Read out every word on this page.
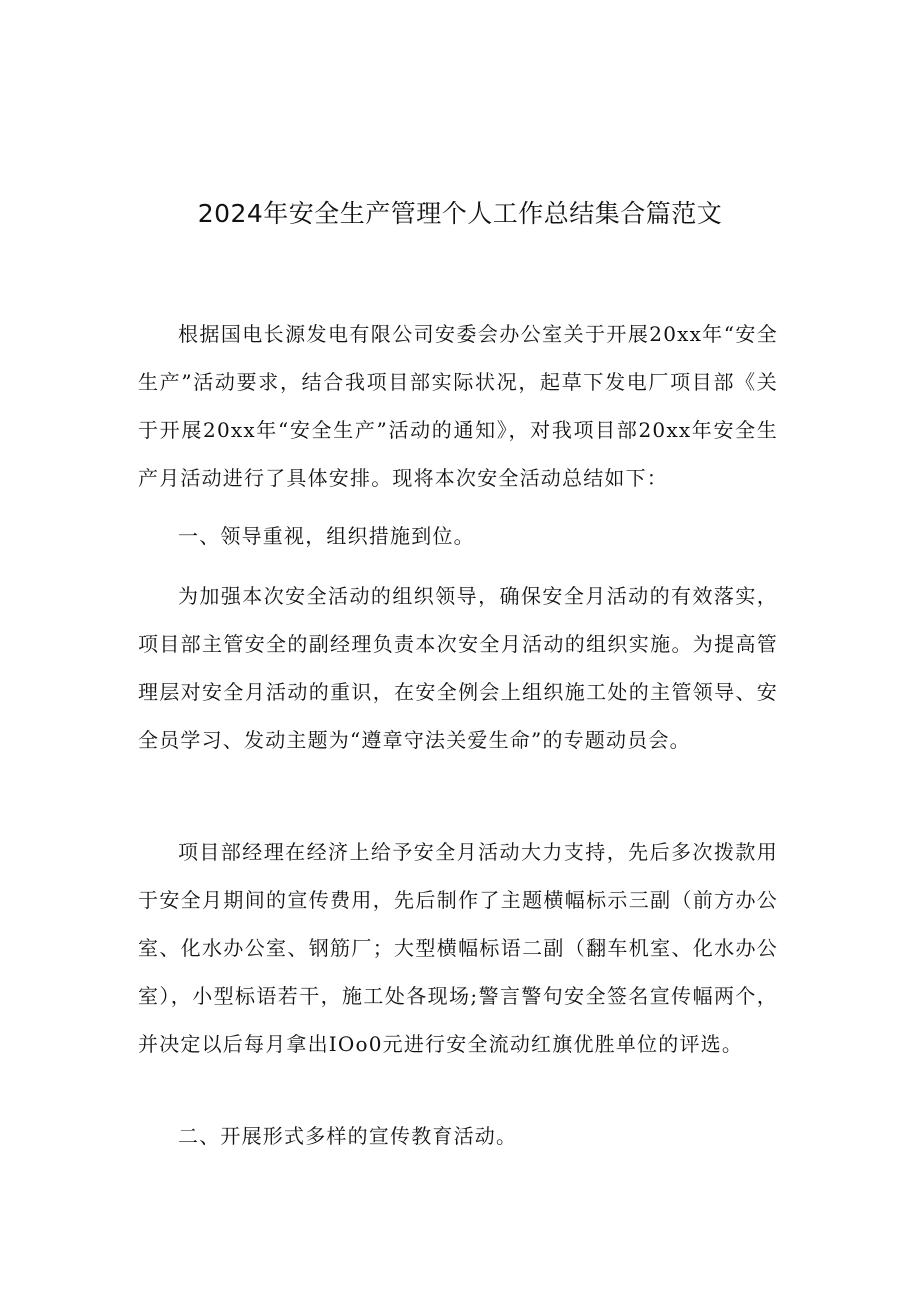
2024年安全生产管理个人工作总结集合篇范文

根据国电长源发电有限公司安委会办公室关于开展20xx年“安全生产”活动要求，结合我项目部实际状况，起草下发电厂项目部《关于开展20xx年“安全生产”活动的通知》，对我项目部20xx年安全生产月活动进行了具体安排。现将本次安全活动总结如下：

一、领导重视，组织措施到位。

为加强本次安全活动的组织领导，确保安全月活动的有效落实，项目部主管安全的副经理负责本次安全月活动的组织实施。为提高管理层对安全月活动的重识，在安全例会上组织施工处的主管领导、安全员学习、发动主题为“遵章守法关爱生命”的专题动员会。

项目部经理在经济上给予安全月活动大力支持，先后多次拨款用于安全月期间的宣传费用，先后制作了主题横幅标示三副（前方办公室、化水办公室、钢筋厂；大型横幅标语二副（翻车机室、化水办公室），小型标语若干，施工处各现场;警言警句安全签名宣传幅两个，并决定以后每月拿出IOo0元进行安全流动红旗优胜单位的评选。

二、开展形式多样的宣传教育活动。
